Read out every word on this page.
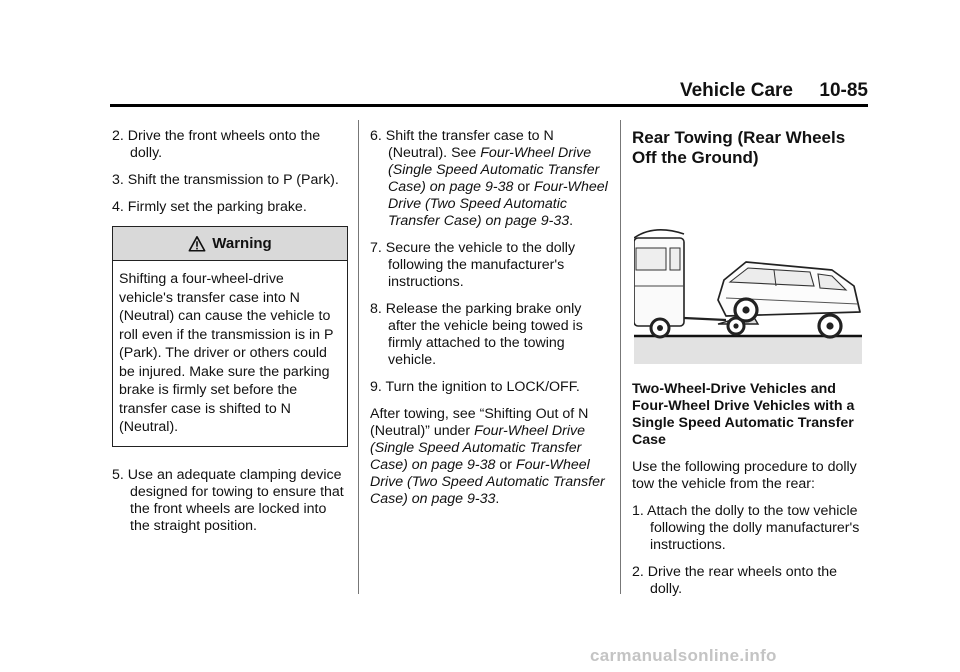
Vehicle Care 10-85
2. Drive the front wheels onto the dolly.
3. Shift the transmission to P (Park).
4. Firmly set the parking brake.
Warning
Shifting a four-wheel-drive vehicle's transfer case into N (Neutral) can cause the vehicle to roll even if the transmission is in P (Park). The driver or others could be injured. Make sure the parking brake is firmly set before the transfer case is shifted to N (Neutral).
5. Use an adequate clamping device designed for towing to ensure that the front wheels are locked into the straight position.
6. Shift the transfer case to N (Neutral). See Four-Wheel Drive (Single Speed Automatic Transfer Case) on page 9-38 or Four-Wheel Drive (Two Speed Automatic Transfer Case) on page 9-33.
7. Secure the vehicle to the dolly following the manufacturer's instructions.
8. Release the parking brake only after the vehicle being towed is firmly attached to the towing vehicle.
9. Turn the ignition to LOCK/OFF.

After towing, see “Shifting Out of N (Neutral)” under Four-Wheel Drive (Single Speed Automatic Transfer Case) on page 9-38 or Four-Wheel Drive (Two Speed Automatic Transfer Case) on page 9-33.

Rear Towing (Rear Wheels Off the Ground)
Two-Wheel-Drive Vehicles and Four-Wheel Drive Vehicles with a Single Speed Automatic Transfer Case

Use the following procedure to dolly tow the vehicle from the rear:

1. Attach the dolly to the tow vehicle following the dolly manufacturer's instructions.
2. Drive the rear wheels onto the dolly.
carmanualsonline.info
